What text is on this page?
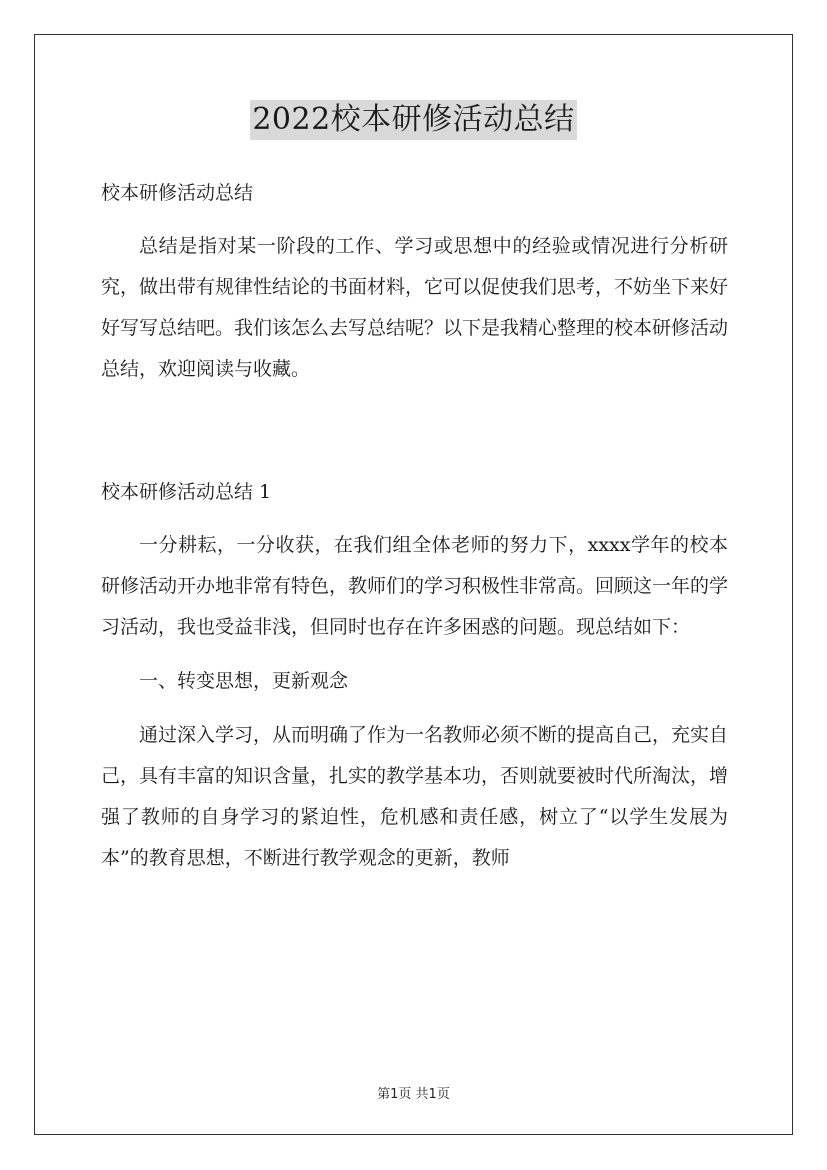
2022校本研修活动总结

校本研修活动总结

总结是指对某一阶段的工作、学习或思想中的经验或情况进行分析研究，做出带有规律性结论的书面材料，它可以促使我们思考，不妨坐下来好好写写总结吧。我们该怎么去写总结呢？以下是我精心整理的校本研修活动总结，欢迎阅读与收藏。

校本研修活动总结 1

一分耕耘，一分收获，在我们组全体老师的努力下，xxxx学年的校本研修活动开办地非常有特色，教师们的学习积极性非常高。回顾这一年的学习活动，我也受益非浅，但同时也存在许多困惑的问题。现总结如下：

一、转变思想，更新观念

通过深入学习，从而明确了作为一名教师必须不断的提高自己，充实自己，具有丰富的知识含量，扎实的教学基本功，否则就要被时代所淘汰，增强了教师的自身学习的紧迫性，危机感和责任感，树立了“以学生发展为本”的教育思想，不断进行教学观念的更新，教师

第1页 共1页
